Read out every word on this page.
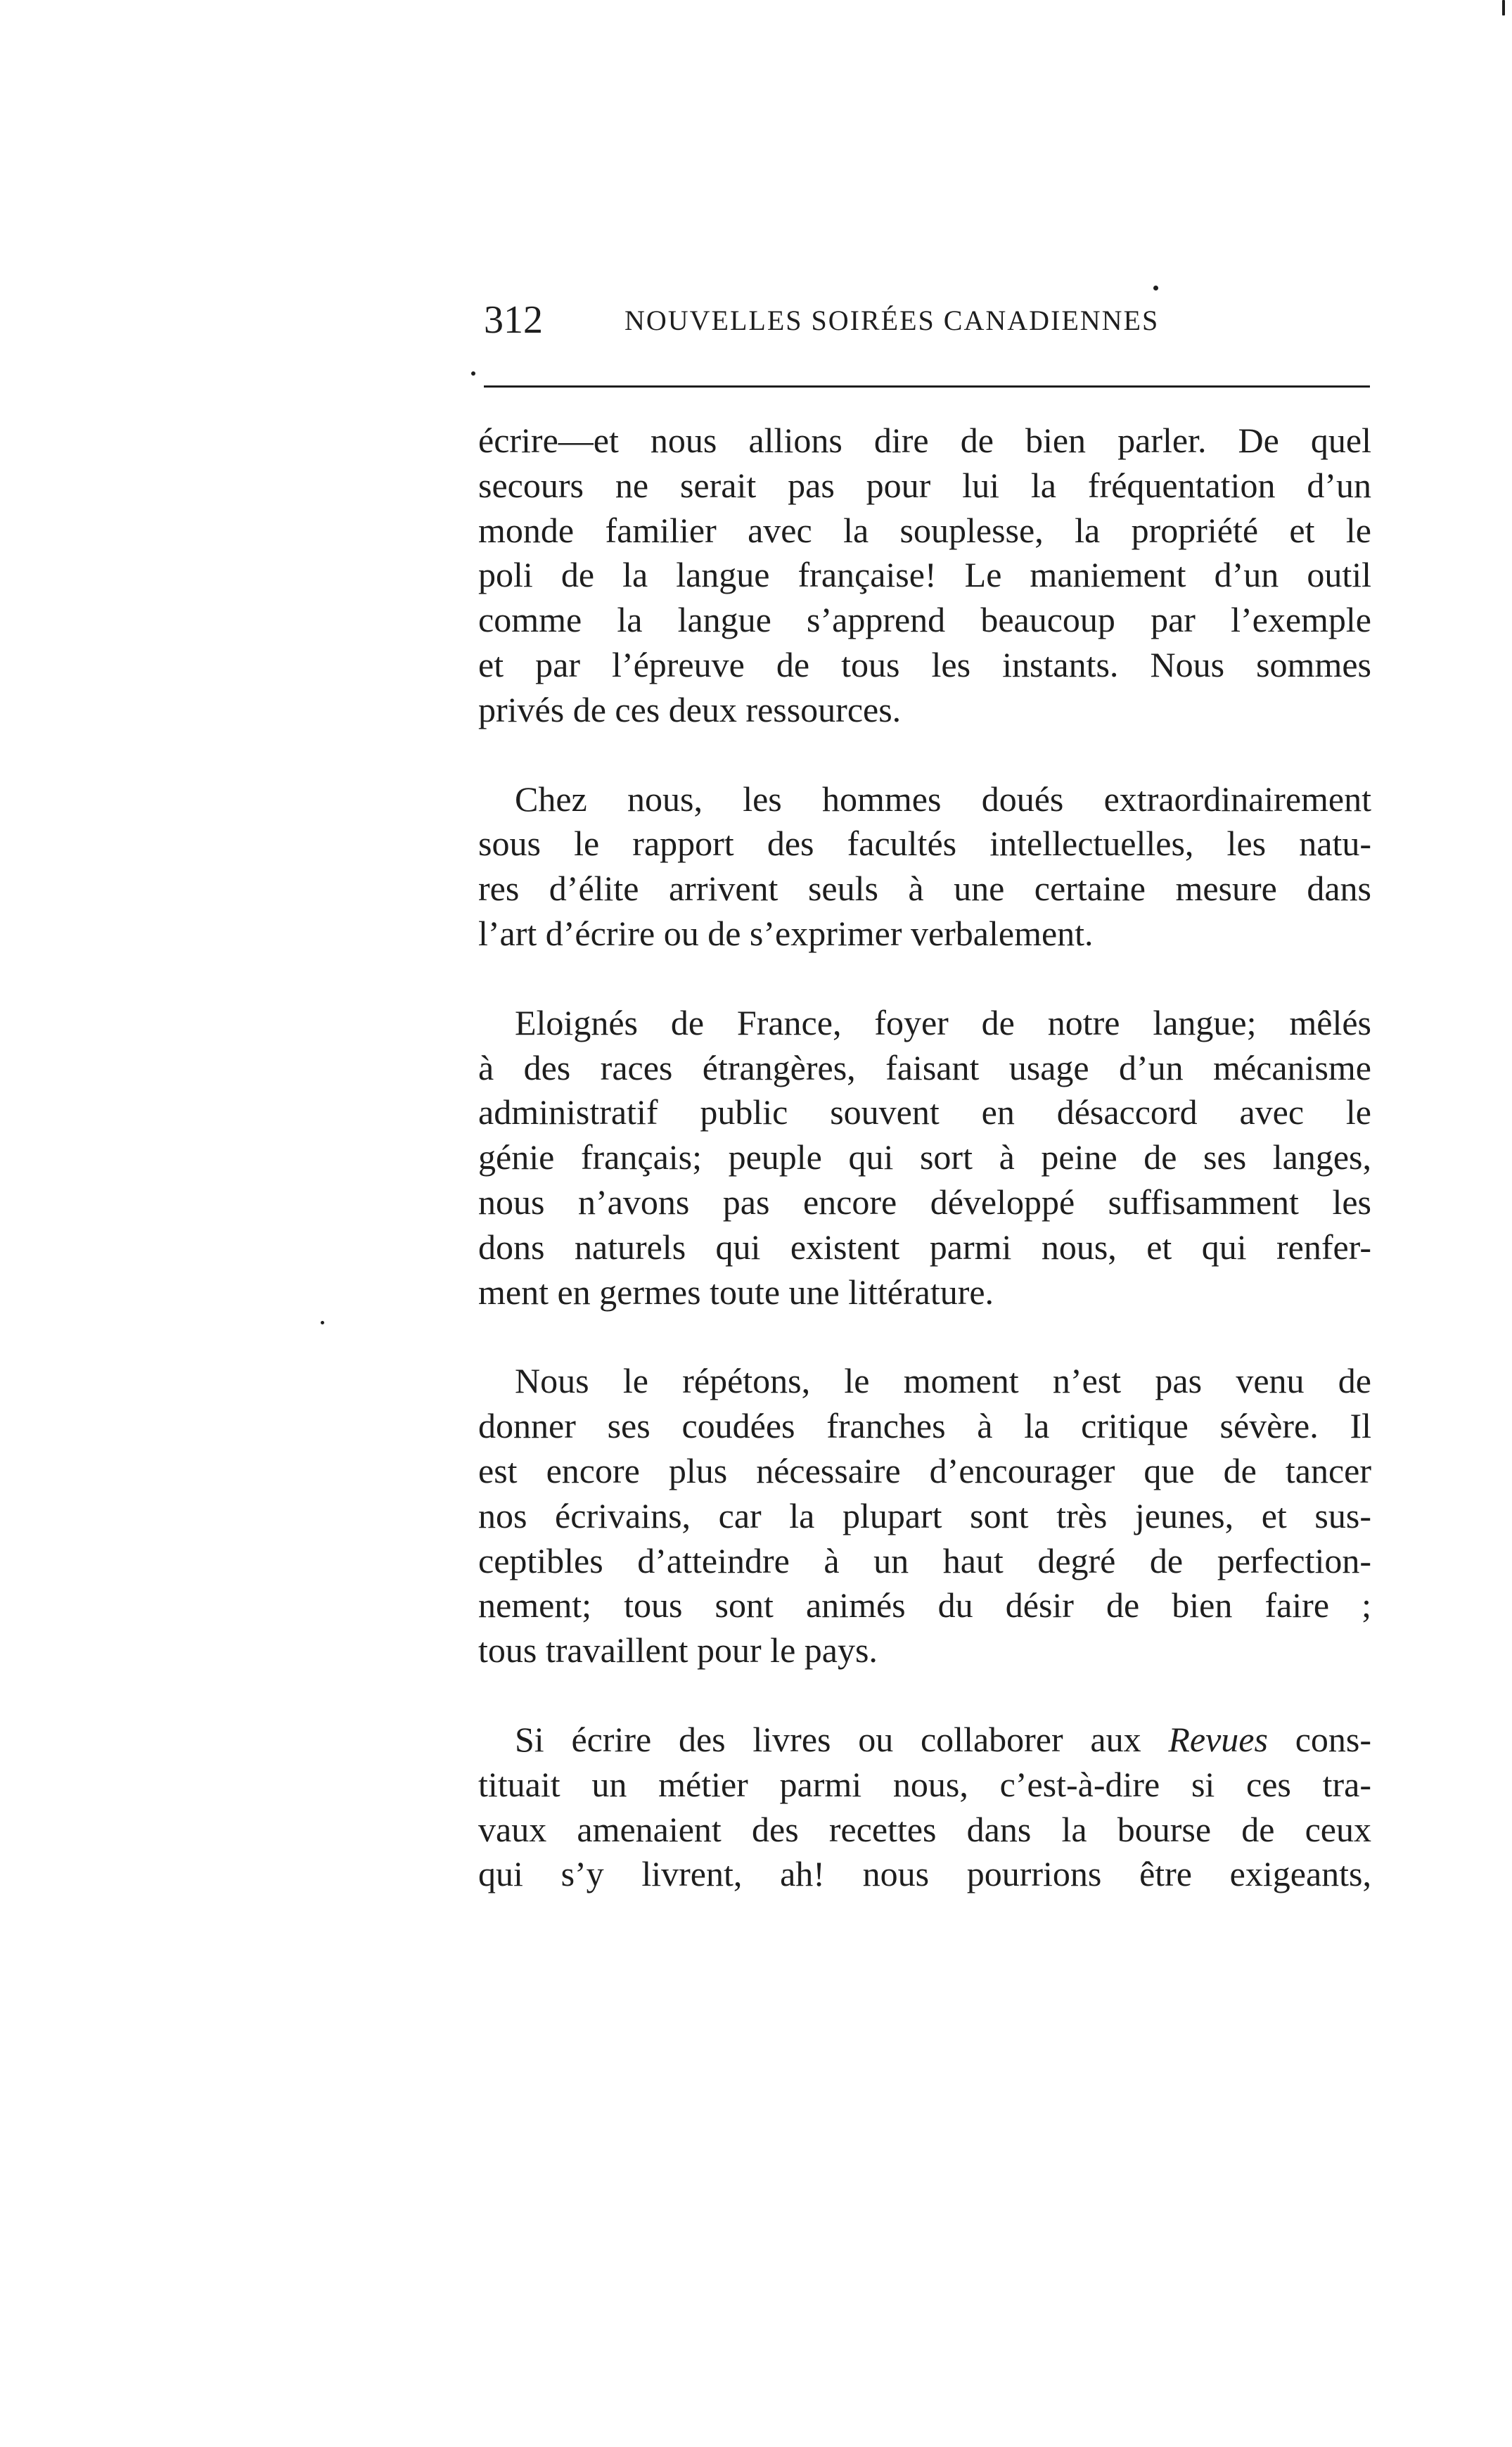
312	NOUVELLES SOIRÉES CANADIENNES
écrire—et nous allions dire de bien parler. De quel
secours ne serait pas pour lui la fréquentation d’un
monde familier avec la souplesse, la propriété et le
poli de la langue française! Le maniement d’un outil
comme la langue s’apprend beaucoup par l’exemple
et par l’épreuve de tous les instants. Nous sommes
privés de ces deux ressources.
Chez nous, les hommes doués extraordinairement
sous le rapport des facultés intellectuelles, les natu-
res d’élite arrivent seuls à une certaine mesure dans
l’art d’écrire ou de s’exprimer verbalement.
Eloignés de France, foyer de notre langue; mêlés
à des races étrangères, faisant usage d’un mécanisme
administratif public souvent en désaccord avec le
génie français; peuple qui sort à peine de ses langes,
nous n’avons pas encore développé suffisamment les
dons naturels qui existent parmi nous, et qui renfer-
ment en germes toute une littérature.
Nous le répétons, le moment n’est pas venu de
donner ses coudées franches à la critique sévère. Il
est encore plus nécessaire d’encourager que de tancer
nos écrivains, car la plupart sont très jeunes, et sus-
ceptibles d’atteindre à un haut degré de perfection-
nement; tous sont animés du désir de bien faire ;
tous travaillent pour le pays.
Si écrire des livres ou collaborer aux Revues cons-
tituait un métier parmi nous, c’est-à-dire si ces tra-
vaux amenaient des recettes dans la bourse de ceux
qui s’y livrent, ah! nous pourrions être exigeants,
